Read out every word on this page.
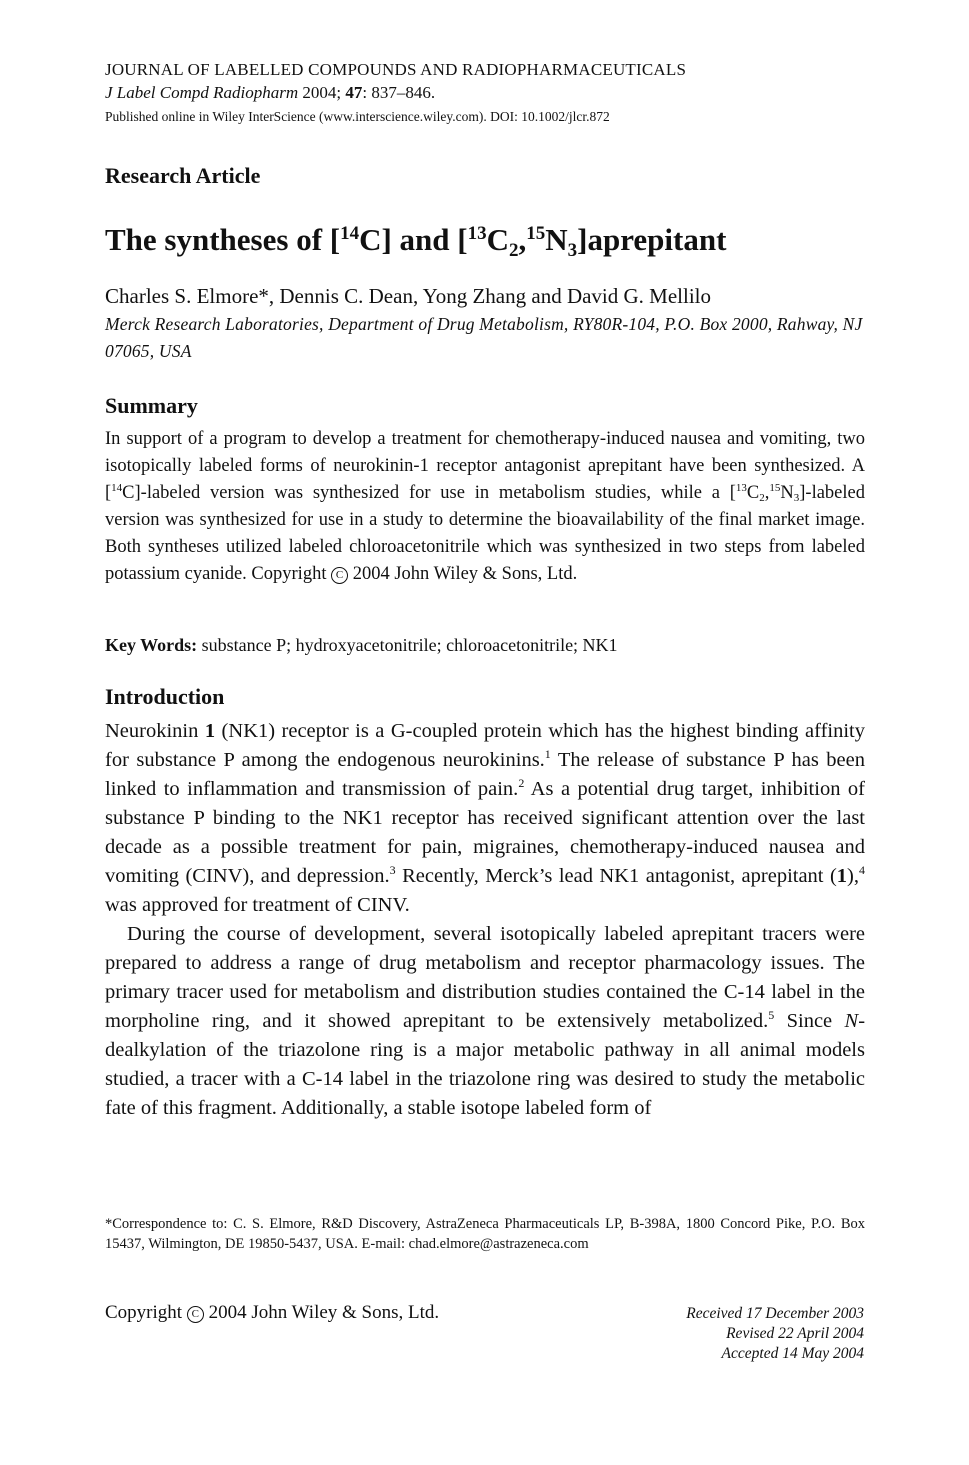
JOURNAL OF LABELLED COMPOUNDS AND RADIOPHARMACEUTICALS
J Label Compd Radiopharm 2004; 47: 837–846.
Published online in Wiley InterScience (www.interscience.wiley.com). DOI: 10.1002/jlcr.872
Research Article
The syntheses of [$^{14}$C] and $[^{13}C_2,^{15}N_3]aprepitant$
Charles S. Elmore*, Dennis C. Dean, Yong Zhang and David G. Mellilo
Merck Research Laboratories, Department of Drug Metabolism, RY80R-104, P.O. Box 2000, Rahway, NJ 07065, USA
Summary
In support of a program to develop a treatment for chemotherapy-induced nausea and vomiting, two isotopically labeled forms of neurokinin-1 receptor antagonist aprepitant have been synthesized. A [$^{14}$C]-labeled version was synthesized for use in metabolism studies, while a $[^{13}C_2,^{15}N_3]$-labeled version was synthesized for use in a study to determine the bioavailability of the final market image. Both syntheses utilized labeled chloroacetonitrile which was synthesized in two steps from labeled potassium cyanide. Copyright C 2004 John Wiley & Sons, Ltd.
Key Words: substance P; hydroxyacetonitrile; chloroacetonitrile; NK1
Introduction

Neurokinin 1 (NK1) receptor is a G-coupled protein which has the highest binding affinity for substance P among the endogenous neurokinins.$^1$ The release of substance P has been linked to inflammation and transmission of pain.$^2$ As a potential drug target, inhibition of substance P binding to the NK1 receptor has received significant attention over the last decade as a possible treatment for pain, migraines, chemotherapy-induced nausea and vomiting (CINV), and depression.$^3$ Recently, Merck’s lead NK1 antagonist, aprepitant (1),$^4$ was approved for treatment of CINV.

During the course of development, several isotopically labeled aprepitant tracers were prepared to address a range of drug metabolism and receptor pharmacology issues. The primary tracer used for metabolism and distribution studies contained the C-14 label in the morpholine ring, and it showed aprepitant to be extensively metabolized.$^5$ Since N-dealkylation of the triazolone ring is a major metabolic pathway in all animal models studied, a tracer with a C-14 label in the triazolone ring was desired to study the metabolic fate of this fragment. Additionally, a stable isotope labeled form of

*Correspondence to: C. S. Elmore, R&D Discovery, AstraZeneca Pharmaceuticals LP, B-398A, 1800 Concord Pike, P.O. Box 15437, Wilmington, DE 19850-5437, USA. E-mail: chad.elmore@astrazeneca.com
Copyright C 2004 John Wiley & Sons, Ltd.	Received 17 December 2003
Revised 22 April 2004
Accepted 14 May 2004
